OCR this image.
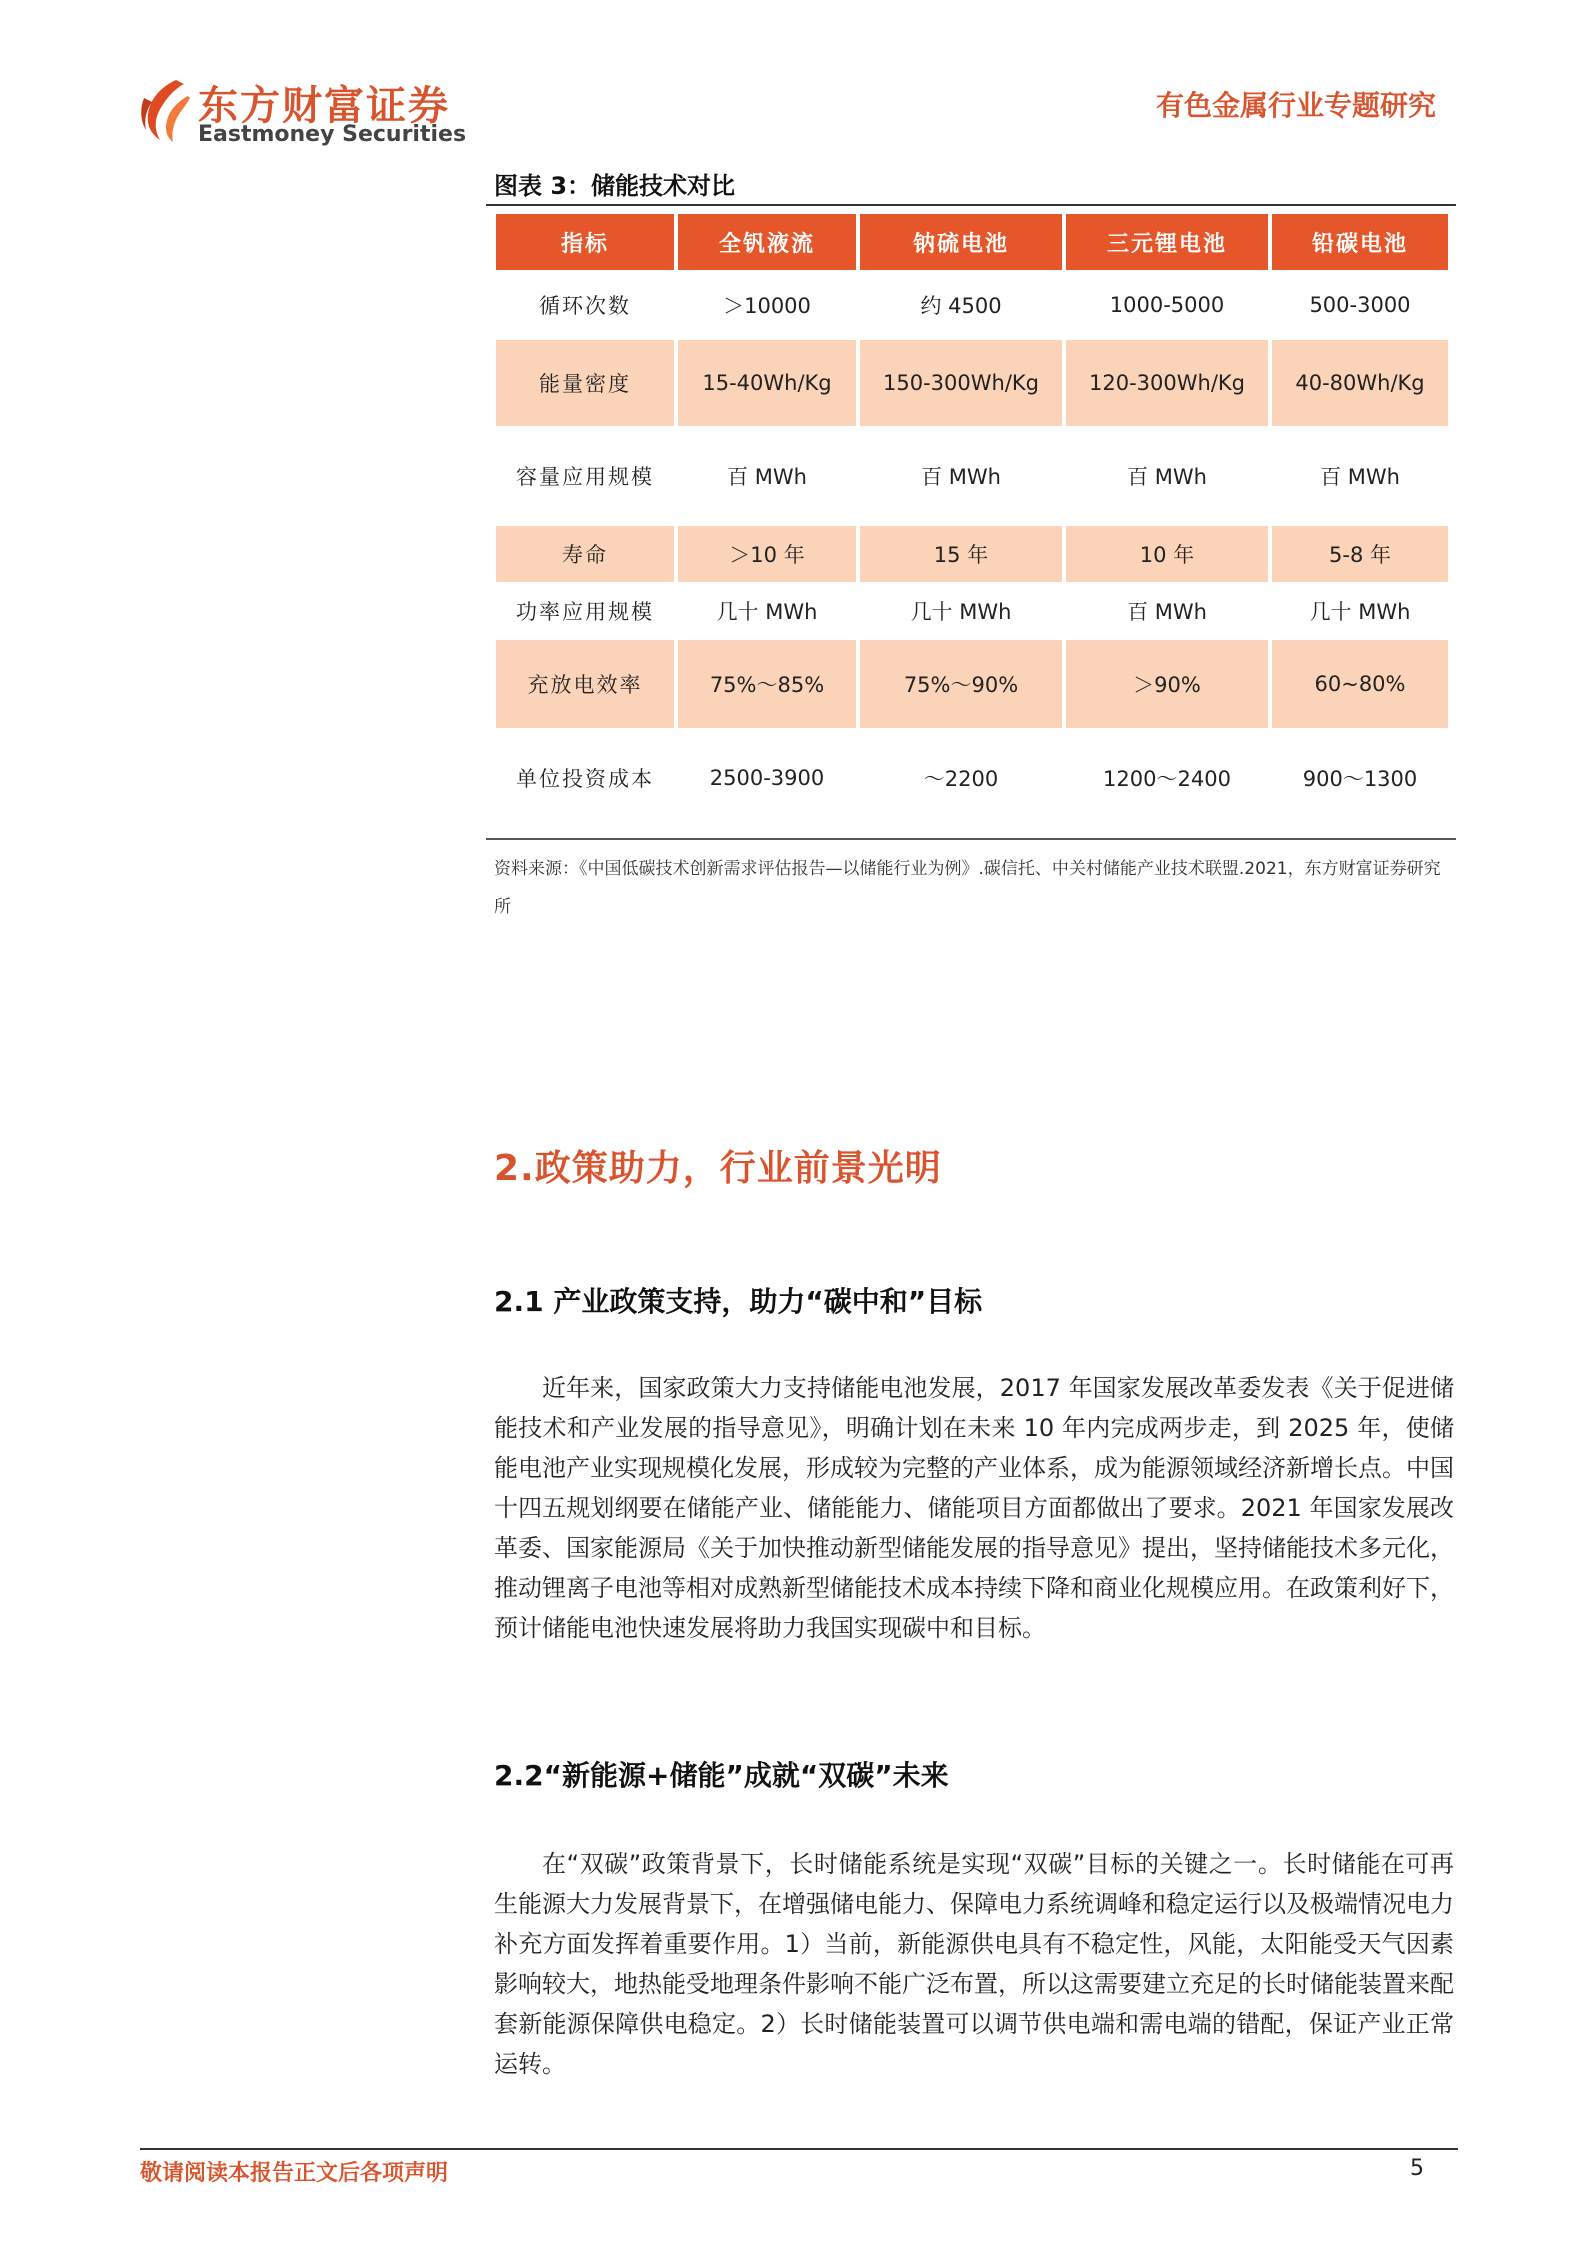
东方财富证券
Eastmoney Securities
有色金属行业专题研究
图表 3：储能技术对比
指标	全钒液流	钠硫电池	三元锂电池	铅碳电池
循环次数	＞10000	约 4500	1000-5000	500-3000
能量密度	15-40Wh/Kg	150-300Wh/Kg	120-300Wh/Kg	40-80Wh/Kg
容量应用规模	百 MWh	百 MWh	百 MWh	百 MWh
寿命	＞10 年	15 年	10 年	5-8 年
功率应用规模	几十 MWh	几十 MWh	百 MWh	几十 MWh
充放电效率	75%～85%	75%～90%	＞90%	60~80%
单位投资成本	2500-3900	～2200	1200～2400	900～1300
资料来源：《中国低碳技术创新需求评估报告—以储能行业为例》.碳信托、中关村储能产业技术联盟.2021，东方财富证券研究所
2.政策助力，行业前景光明
2.1 产业政策支持，助力“碳中和”目标
近年来，国家政策大力支持储能电池发展，2017 年国家发展改革委发表《关于促进储能技术和产业发展的指导意见》，明确计划在未来 10 年内完成两步走，到 2025 年，使储能电池产业实现规模化发展，形成较为完整的产业体系，成为能源领域经济新增长点。中国十四五规划纲要在储能产业、储能能力、储能项目方面都做出了要求。2021 年国家发展改革委、国家能源局《关于加快推动新型储能发展的指导意见》提出，坚持储能技术多元化，推动锂离子电池等相对成熟新型储能技术成本持续下降和商业化规模应用。在政策利好下，预计储能电池快速发展将助力我国实现碳中和目标。
2.2“新能源+储能”成就“双碳”未来
在“双碳”政策背景下，长时储能系统是实现“双碳”目标的关键之一。长时储能在可再生能源大力发展背景下，在增强储电能力、保障电力系统调峰和稳定运行以及极端情况电力补充方面发挥着重要作用。1）当前，新能源供电具有不稳定性，风能，太阳能受天气因素影响较大，地热能受地理条件影响不能广泛布置，所以这需要建立充足的长时储能装置来配套新能源保障供电稳定。2）长时储能装置可以调节供电端和需电端的错配，保证产业正常运转。
敬请阅读本报告正文后各项声明	5
